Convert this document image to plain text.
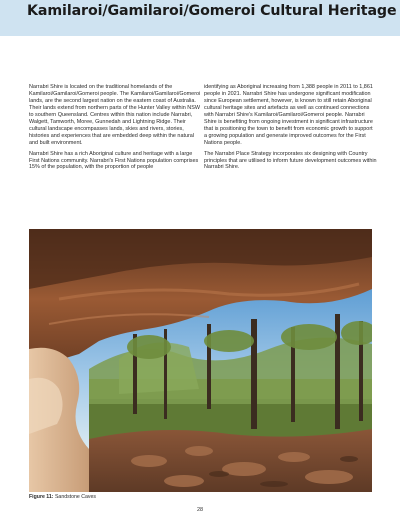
Kamilaroi/Gamilaroi/Gomeroi Cultural Heritage

Narrabri Shire is located on the traditional homelands of the Kamilaroi/Gamilaroi/Gomeroi people. The Kamilaroi/Gamilaroi/Gomeroi lands, are the second largest nation on the eastern coast of Australia. Their lands extend from northern parts of the Hunter Valley within NSW to southern Queensland. Centres within this nation include Narrabri, Walgett, Tamworth, Moree, Gunnedah and Lightning Ridge. Their cultural landscape encompasses lands, skies and rivers, stories, histories and experiences that are embedded deep within the natural and built environment.

Narrabri Shire has a rich Aboriginal culture and heritage with a large First Nations community. Narrabri's First Nations population comprises 15% of the population, with the proportion of people

identifying as Aboriginal increasing from 1,388 people in 2011 to 1,861 people in 2021. Narrabri Shire has undergone significant modification since European settlement, however, is known to still retain Aboriginal cultural heritage sites and artefacts as well as continued connections with Narrabri Shire's Kamilaroi/Gamilaroi/Gomeroi people. Narrabri Shire is benefiting from ongoing investment in significant infrastructure that is positioning the town to benefit from economic growth to support a growing population and generate improved outcomes for the First Nations people.

The Narrabri Place Strategy incorporates six designing with Country principles that are utilised to inform future development outcomes within Narrabri Shire.

Figure 11: Sandstone Caves
28
